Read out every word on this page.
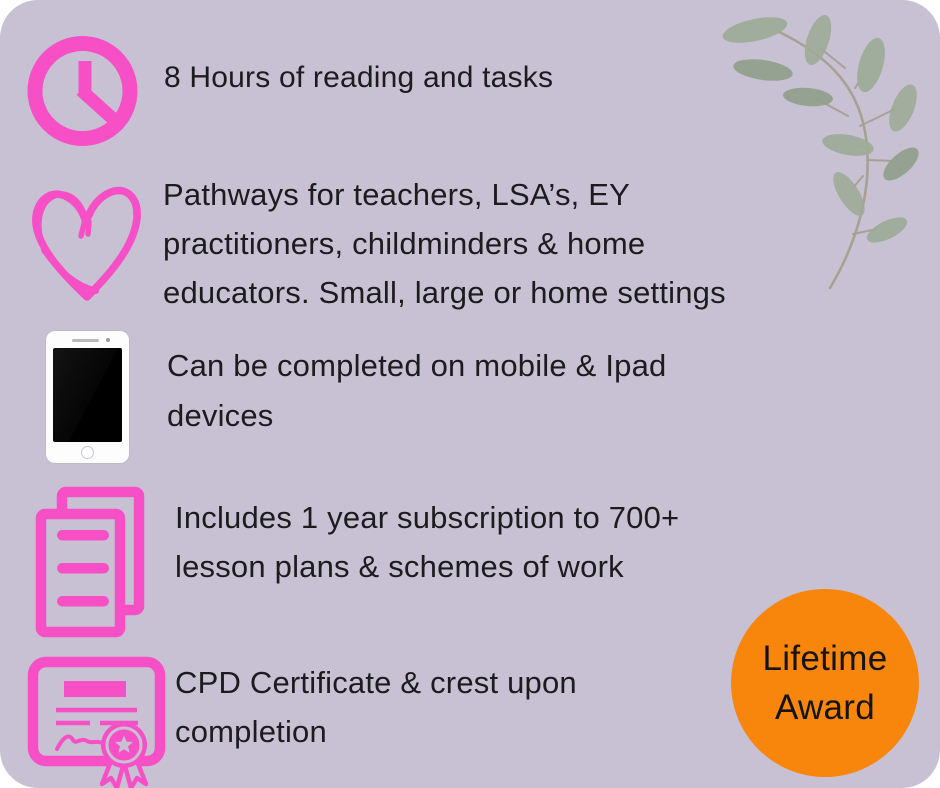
8 Hours of reading and tasks
Pathways for teachers, LSA’s, EY
practitioners, childminders & home
educators. Small, large or home settings
Can be completed on mobile & Ipad
devices
Includes 1 year subscription to 700+
lesson plans & schemes of work
CPD Certificate & crest upon
completion
Lifetime
Award
